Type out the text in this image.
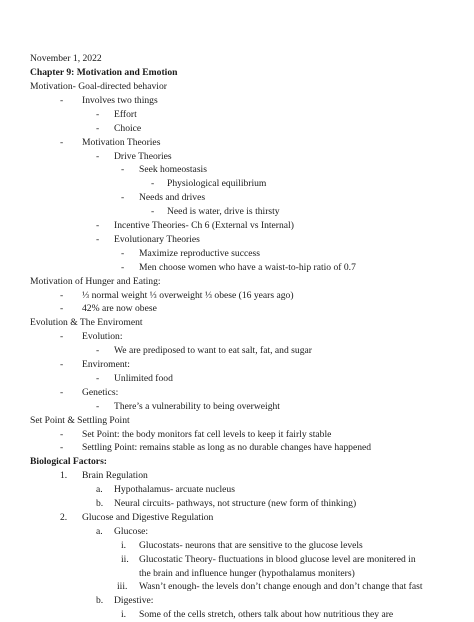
November 1, 2022
Chapter 9: Motivation and Emotion
Motivation- Goal-directed behavior
- Involves two things
- Effort
- Choice
- Motivation Theories
- Drive Theories
- Seek homeostasis
- Physiological equilibrium
- Needs and drives
- Need is water, drive is thirsty
- Incentive Theories- Ch 6 (External vs Internal)
- Evolutionary Theories
- Maximize reproductive success
- Men choose women who have a waist-to-hip ratio of 0.7
Motivation of Hunger and Eating:
- ⅓ normal weight ⅓ overweight ⅓ obese (16 years ago)
- 42% are now obese
Evolution & The Enviroment
- Evolution:
- We are prediposed to want to eat salt, fat, and sugar
- Enviroment:
- Unlimited food
- Genetics:
- There’s a vulnerability to being overweight
Set Point & Settling Point
- Set Point: the body monitors fat cell levels to keep it fairly stable
- Settling Point: remains stable as long as no durable changes have happened
Biological Factors:
1. Brain Regulation
a. Hypothalamus- arcuate nucleus
b. Neural circuits- pathways, not structure (new form of thinking)
2. Glucose and Digestive Regulation
a. Glucose:
i. Glucostats- neurons that are sensitive to the glucose levels
ii. Glucostatic Theory- fluctuations in blood glucose level are monitered in
the brain and influence hunger (hypothalamus moniters)
iii. Wasn’t enough- the levels don’t change enough and don’t change that fast
b. Digestive:
i. Some of the cells stretch, others talk about how nutritious they are
